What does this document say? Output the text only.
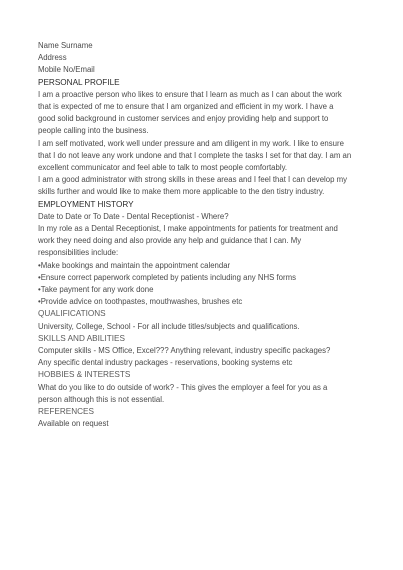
Name Surname
Address
Mobile No/Email
PERSONAL PROFILE
I am a proactive person who likes to ensure that I learn as much as I can about the work
that is expected of me to ensure that I am organized and efficient in my work. I have a
good solid background in customer services and enjoy providing help and support to
people calling into the business.
I am self motivated, work well under pressure and am diligent in my work. I like to ensure
that I do not leave any work undone and that I complete the tasks I set for that day. I am an
excellent communicator and feel able to talk to most people comfortably.
I am a good administrator with strong skills in these areas and I feel that I can develop my
skills further and would like to make them more applicable to the den tistry industry.
EMPLOYMENT HISTORY
Date to Date or To Date - Dental Receptionist - Where?
In my role as a Dental Receptionist, I make appointments for patients for treatment and
work they need doing and also provide any help and guidance that I can. My
responsibilities include:
•Make bookings and maintain the appointment calendar
•Ensure correct paperwork completed by patients including any NHS forms
•Take payment for any work done
•Provide advice on toothpastes, mouthwashes, brushes etc
QUALIFICATIONS
University, College, School - For all include titles/subjects and qualifications.
SKILLS AND ABILITIES
Computer skills - MS Office, Excel??? Anything relevant, industry specific packages?
Any specific dental industry packages - reservations, booking systems etc
HOBBIES & INTERESTS
What do you like to do outside of work? - This gives the employer a feel for you as a
person although this is not essential.
REFERENCES
Available on request
